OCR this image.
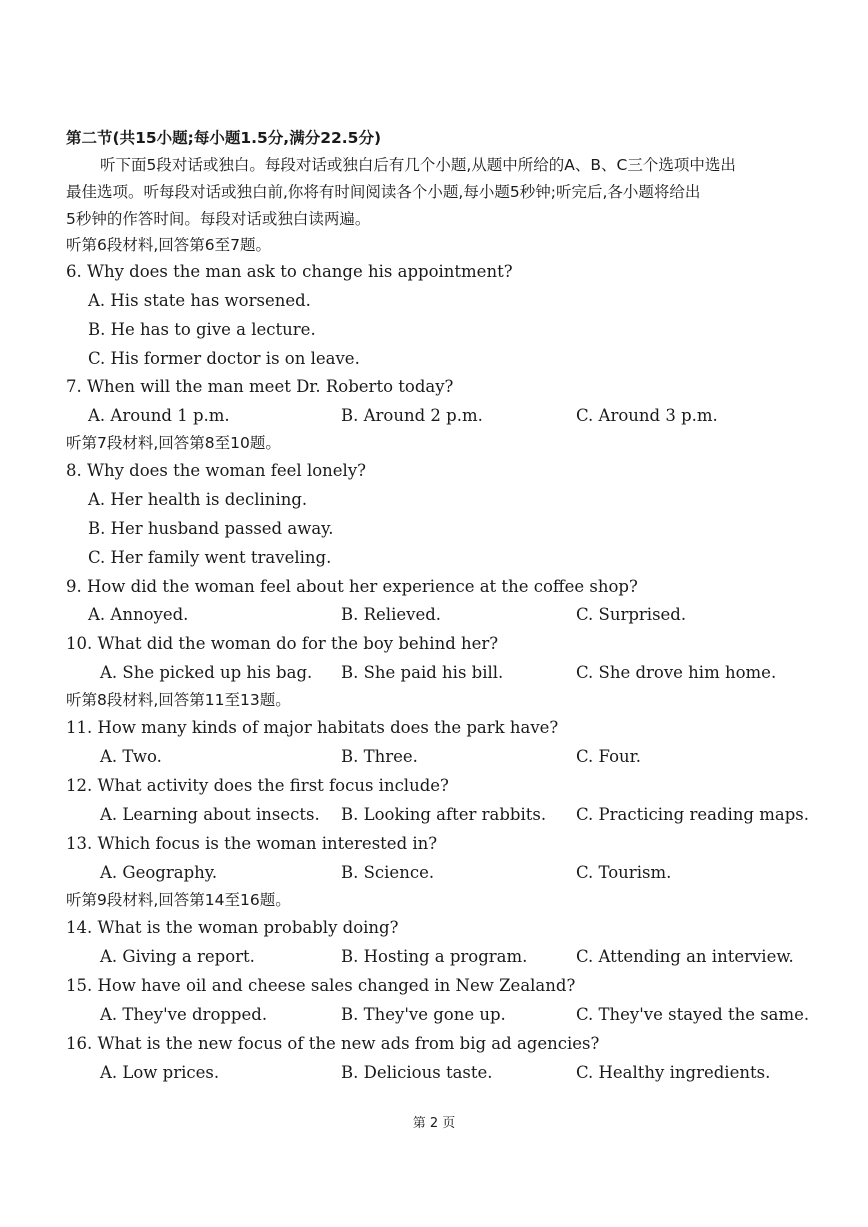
第二节(共15小题;每小题1.5分,满分22.5分)
听下面5段对话或独白。每段对话或独白后有几个小题,从题中所给的A、B、C三个选项中选出
最佳选项。听每段对话或独白前,你将有时间阅读各个小题,每小题5秒钟;听完后,各小题将给出
5秒钟的作答时间。每段对话或独白读两遍。
听第6段材料,回答第6至7题。
6. Why does the man ask to change his appointment?
A. His state has worsened.
B. He has to give a lecture.
C. His former doctor is on leave.
7. When will the man meet Dr. Roberto today?
A. Around 1 p.m.	B. Around 2 p.m.	C. Around 3 p.m.
听第7段材料,回答第8至10题。
8. Why does the woman feel lonely?
A. Her health is declining.
B. Her husband passed away.
C. Her family went traveling.
9. How did the woman feel about her experience at the coffee shop?
A. Annoyed.	B. Relieved.	C. Surprised.
10. What did the woman do for the boy behind her?
A. She picked up his bag. B. She paid his bill.	C. She drove him home.
听第8段材料,回答第11至13题。
11. How many kinds of major habitats does the park have?
A. Two.	B. Three.	C. Four.
12. What activity does the first focus include?
A. Learning about insects. B. Looking after rabbits. C. Practicing reading maps.
13. Which focus is the woman interested in?
A. Geography.	B. Science.	C. Tourism.
听第9段材料,回答第14至16题。
14. What is the woman probably doing?
A. Giving a report.	B. Hosting a program.	C. Attending an interview.
15. How have oil and cheese sales changed in New Zealand?
A. They've dropped.	B. They've gone up.	C. They've stayed the same.
16. What is the new focus of the new ads from big ad agencies?
A. Low prices.	B. Delicious taste.	C. Healthy ingredients.
第 2 页
